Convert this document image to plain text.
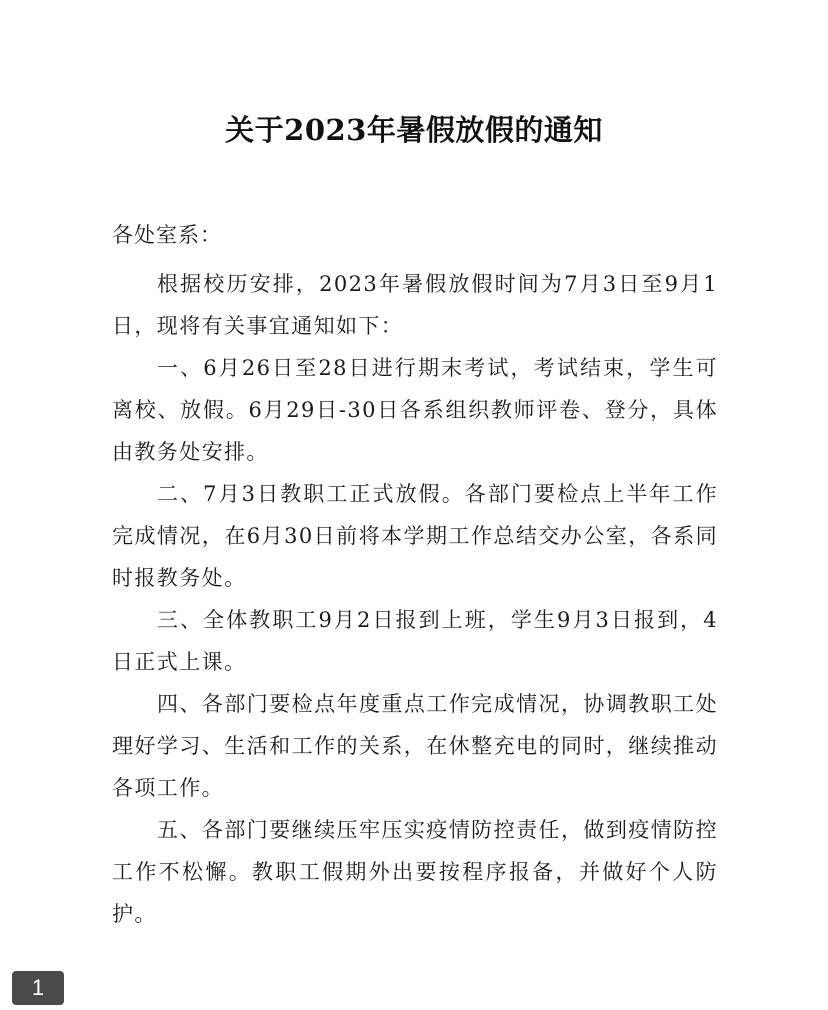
关于2023年暑假放假的通知
各处室系：

根据校历安排，2023年暑假放假时间为7月3日至9月1日，现将有关事宜通知如下：

一、6月26日至28日进行期末考试，考试结束，学生可离校、放假。6月29日-30日各系组织教师评卷、登分，具体由教务处安排。

二、7月3日教职工正式放假。各部门要检点上半年工作完成情况，在6月30日前将本学期工作总结交办公室，各系同时报教务处。

三、全体教职工9月2日报到上班，学生9月3日报到，4日正式上课。

四、各部门要检点年度重点工作完成情况，协调教职工处理好学习、生活和工作的关系，在休整充电的同时，继续推动各项工作。

五、各部门要继续压牢压实疫情防控责任，做到疫情防控工作不松懈。教职工假期外出要按程序报备，并做好个人防护。

1
